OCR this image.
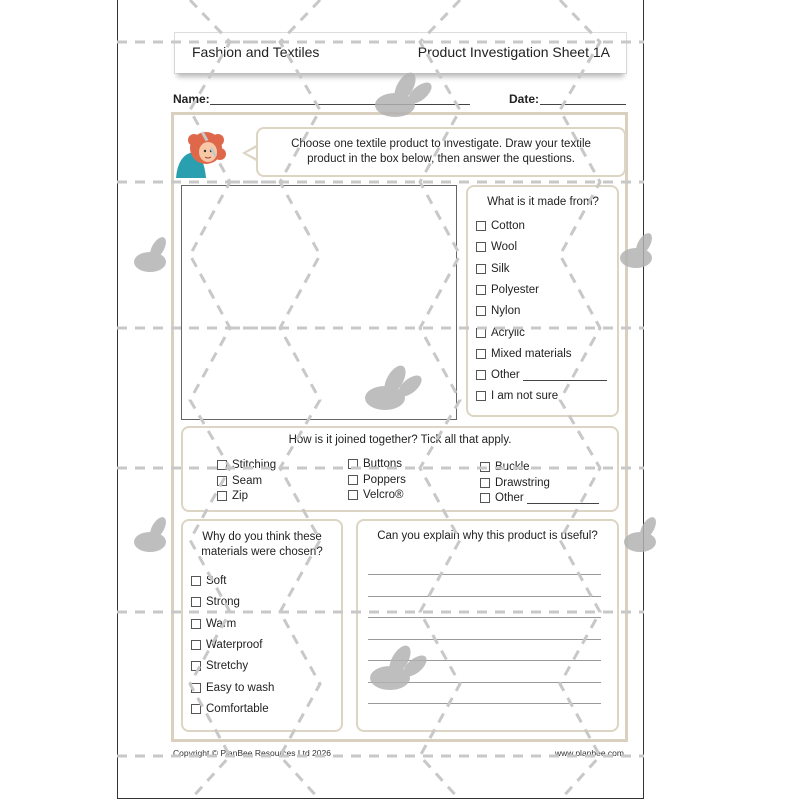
Fashion and Textiles	Product Investigation Sheet 1A
Name:	Date:
Choose one textile product to investigate. Draw your textile
product in the box below, then answer the questions.
What is it made from?
Cotton
Wool
Silk
Polyester
Nylon
Acrylic
Mixed materials
Other
I am not sure
How is it joined together? Tick all that apply.
Stitching
Seam
Zip
Buttons
Poppers
Velcro®
Buckle
Drawstring
Other
Why do you think these
materials were chosen?
Soft
Strong
Warm
Waterproof
Stretchy
Easy to wash
Comfortable
Can you explain why this product is useful?
Copyright © PlanBee Resources Ltd 2026	www.planbee.com
